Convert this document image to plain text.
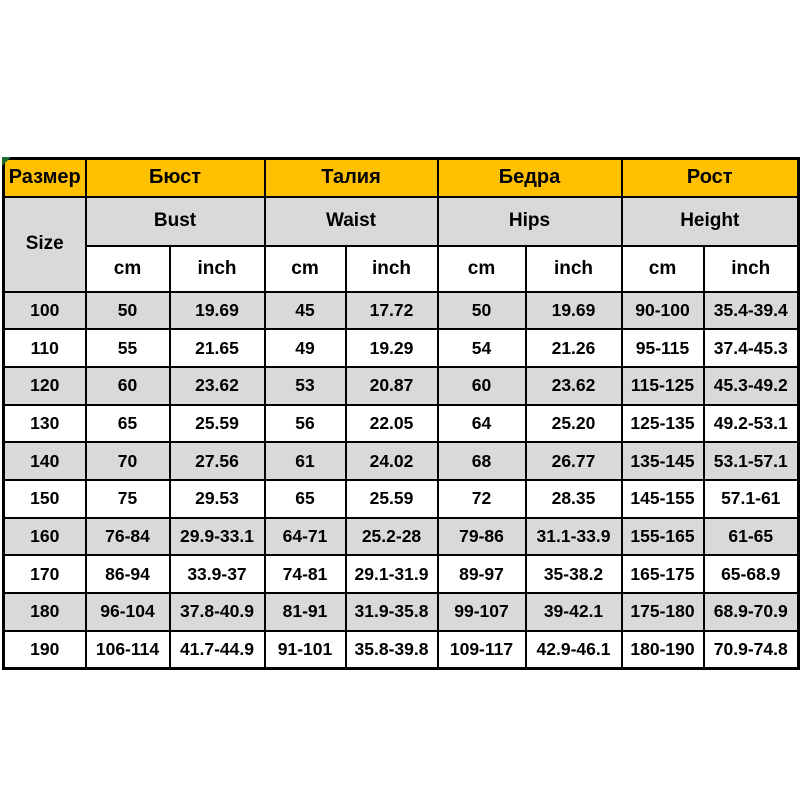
Размер	Бюст		Талия		Бедра		Рост	
Size	Bust		Waist		Hips		Height	
	cm	inch	cm	inch	cm	inch	cm	inch
100	50	19.69	45	17.72	50	19.69	90-100	35.4-39.4
110	55	21.65	49	19.29	54	21.26	95-115	37.4-45.3
120	60	23.62	53	20.87	60	23.62	115-125	45.3-49.2
130	65	25.59	56	22.05	64	25.20	125-135	49.2-53.1
140	70	27.56	61	24.02	68	26.77	135-145	53.1-57.1
150	75	29.53	65	25.59	72	28.35	145-155	57.1-61
160	76-84	29.9-33.1	64-71	25.2-28	79-86	31.1-33.9	155-165	61-65
170	86-94	33.9-37	74-81	29.1-31.9	89-97	35-38.2	165-175	65-68.9
180	96-104	37.8-40.9	81-91	31.9-35.8	99-107	39-42.1	175-180	68.9-70.9
190	106-114	41.7-44.9	91-101	35.8-39.8	109-117	42.9-46.1	180-190	70.9-74.8
